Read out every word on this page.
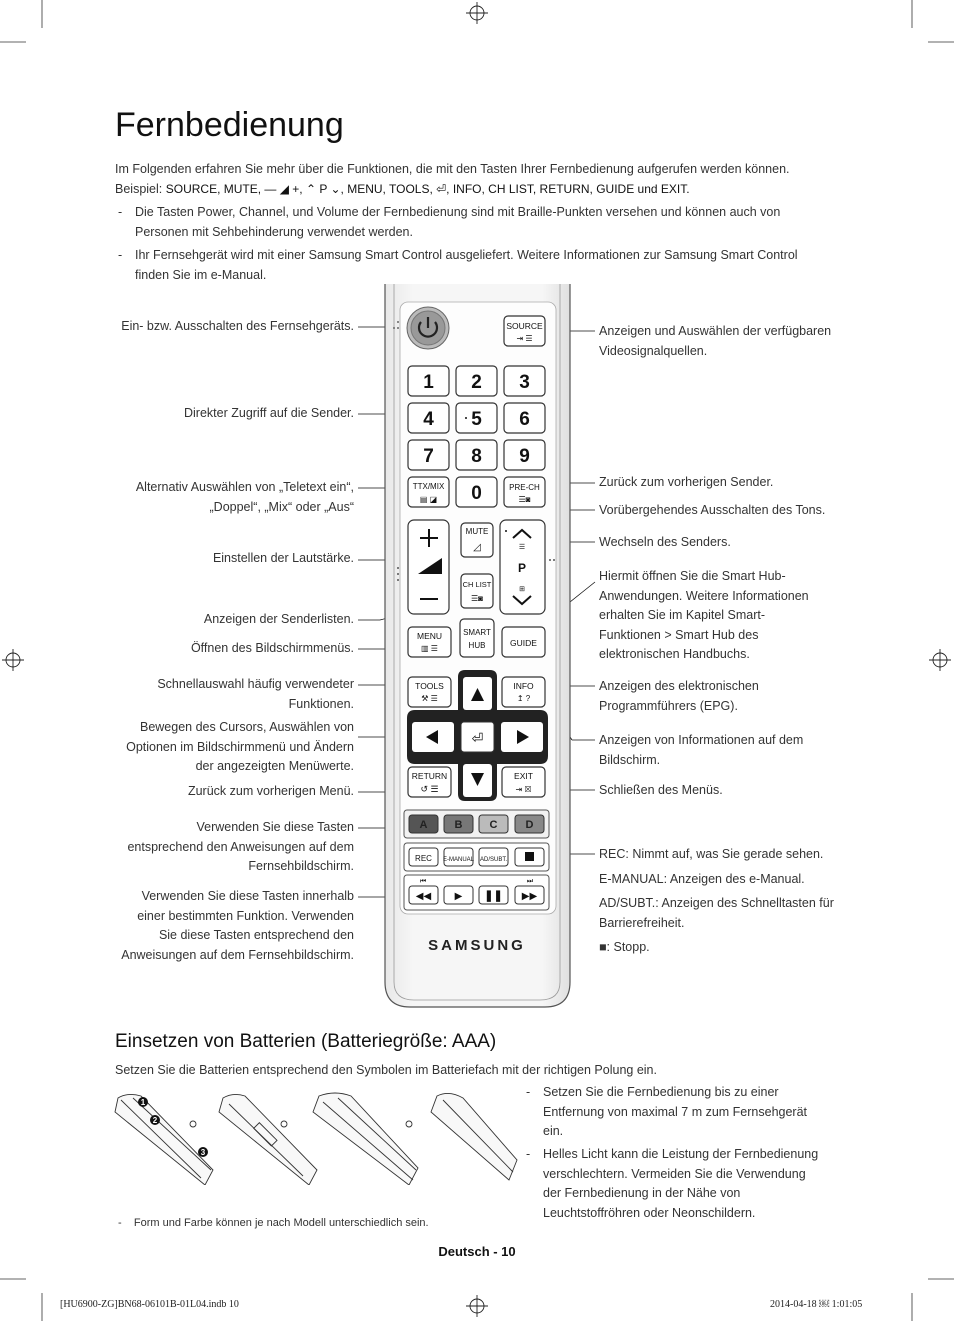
Fernbedienung
Im Folgenden erfahren Sie mehr über die Funktionen, die mit den Tasten Ihrer Fernbedienung aufgerufen werden können.
Beispiel: SOURCE, MUTE, — ◢ +, ⌃ P ⌄, MENU, TOOLS, ⏎, INFO, CH LIST, RETURN, GUIDE und EXIT.
- Die Tasten Power, Channel, und Volume der Fernbedienung sind mit Braille-Punkten versehen und können auch von
Personen mit Sehbehinderung verwendet werden.
- Ihr Fernsehgerät wird mit einer Samsung Smart Control ausgeliefert. Weitere Informationen zur Samsung Smart Control
finden Sie im e-Manual.
Ein- bzw. Ausschalten des Fernsehgeräts.
Direkter Zugriff auf die Sender.
Alternativ Auswählen von „Teletext ein“,
„Doppel“, „Mix“ oder „Aus“
Einstellen der Lautstärke.
Anzeigen der Senderlisten.
Öffnen des Bildschirmmenüs.
Schnellauswahl häufig verwendeter
Funktionen.
Bewegen des Cursors, Auswählen von
Optionen im Bildschirmmenü und Ändern
der angezeigten Menüwerte.
Zurück zum vorherigen Menü.
Verwenden Sie diese Tasten
entsprechend den Anweisungen auf dem
Fernsehbildschirm.
Verwenden Sie diese Tasten innerhalb
einer bestimmten Funktion. Verwenden
Sie diese Tasten entsprechend den
Anweisungen auf dem Fernsehbildschirm.
Anzeigen und Auswählen der verfügbaren
Videosignalquellen.
Zurück zum vorherigen Sender.
Vorübergehendes Ausschalten des Tons.
Wechseln des Senders.
Hiermit öffnen Sie die Smart Hub-
Anwendungen. Weitere Informationen
erhalten Sie im Kapitel Smart-
Funktionen > Smart Hub des
elektronischen Handbuchs.
Anzeigen des elektronischen
Programmführers (EPG).
Anzeigen von Informationen auf dem
Bildschirm.
Schließen des Menüs.
REC: Nimmt auf, was Sie gerade sehen.
E-MANUAL: Anzeigen des e-Manual.
AD/SUBT.: Anzeigen des Schnelltasten für
Barrierefreiheit.
■: Stopp.
SOURCE
⇥ ☰
1 2 3
4 5 6
7 8 9
0
TTX/MIX
▤ ◪
PRE-CH
☰◙
MUTE
◿
CH LIST
☰◙
☰
P
⊞
MENU
▥ ☰
SMART
HUB	GUIDE
TOOLS
⚒ ☰
INFO
↥ ?
⏎
RETURN
↺ ☰
EXIT
⇥ ☒
A B C	D
REC E-MANUAL AD/SUBT.
⏮	⏭
◀◀ ▶ ❚❚ ▶▶
SAMSUNG
Einsetzen von Batterien (Batteriegröße: AAA)
Setzen Sie die Batterien entsprechend den Symbolen im Batteriefach mit der richtigen Polung ein.
1
2
3
- Setzen Sie die Fernbedienung bis zu einer
Entfernung von maximal 7 m zum Fernsehgerät
ein.
- Helles Licht kann die Leistung der Fernbedienung
verschlechtern. Vermeiden Sie die Verwendung
der Fernbedienung in der Nähe von
Leuchtstoffröhren oder Neonschildern.
-    Form und Farbe können je nach Modell unterschiedlich sein.
Deutsch - 10
[HU6900-ZG]BN68-06101B-01L04.indb 10	2014-04-18 ￼ 1:01:05
